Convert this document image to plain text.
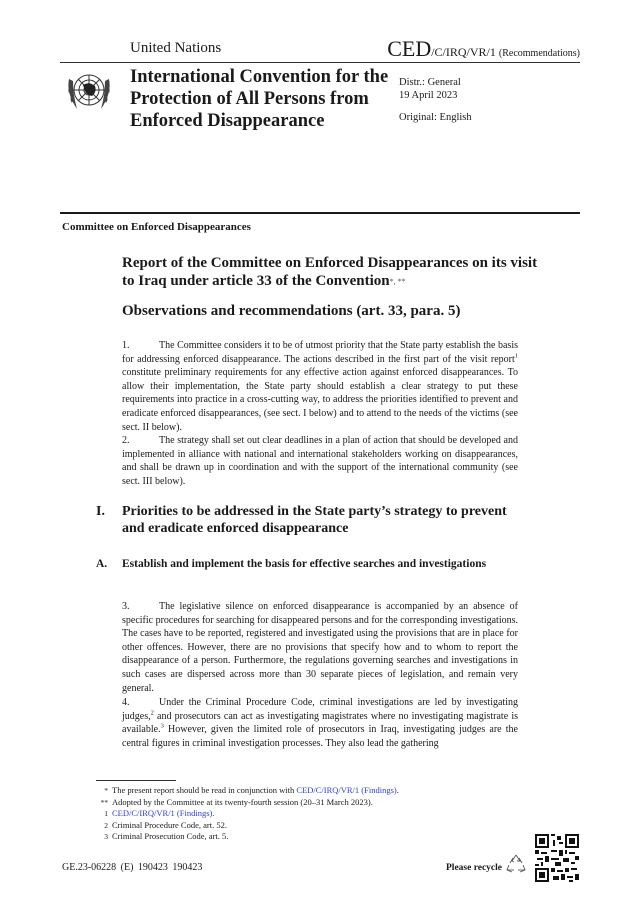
United Nations	CED/C/IRQ/VR/1 (Recommendations)
International Convention for the Protection of All Persons from Enforced Disappearance
Distr.: General
19 April 2023
Original: English
Committee on Enforced Disappearances
Report of the Committee on Enforced Disappearances on its visit to Iraq under article 33 of the Convention*, **
Observations and recommendations (art. 33, para. 5)
1.	The Committee considers it to be of utmost priority that the State party establish the basis for addressing enforced disappearance. The actions described in the first part of the visit report$^1$ constitute preliminary requirements for any effective action against enforced disappearances. To allow their implementation, the State party should establish a clear strategy to put these requirements into practice in a cross-cutting way, to address the priorities identified to prevent and eradicate enforced disappearances, (see sect. I below) and to attend to the needs of the victims (see sect. II below).
2.	The strategy shall set out clear deadlines in a plan of action that should be developed and implemented in alliance with national and international stakeholders working on disappearances, and shall be drawn up in coordination and with the support of the international community (see sect. III below).
I. Priorities to be addressed in the State party’s strategy to prevent and eradicate enforced disappearance
A. Establish and implement the basis for effective searches and investigations
3.	The legislative silence on enforced disappearance is accompanied by an absence of specific procedures for searching for disappeared persons and for the corresponding investigations. The cases have to be reported, registered and investigated using the provisions that are in place for other offences. However, there are no provisions that specify how and to whom to report the disappearance of a person. Furthermore, the regulations governing searches and investigations in such cases are dispersed across more than 30 separate pieces of legislation, and remain very general.
4.	Under the Criminal Procedure Code, criminal investigations are led by investigating judges,$^2$ and prosecutors can act as investigating magistrates where no investigating magistrate is available.$^3$ However, given the limited role of prosecutors in Iraq, investigating judges are the central figures in criminal investigation processes. They also lead the gathering
* The present report should be read in conjunction with CED/C/IRQ/VR/1 (Findings).
** Adopted by the Committee at its twenty-fourth session (20–31 March 2023).
1 CED/C/IRQ/VR/1 (Findings).
2 Criminal Procedure Code, art. 52.
3 Criminal Prosecution Code, art. 5.
GE.23-06228 (E) 190423 190423	Please recycle
